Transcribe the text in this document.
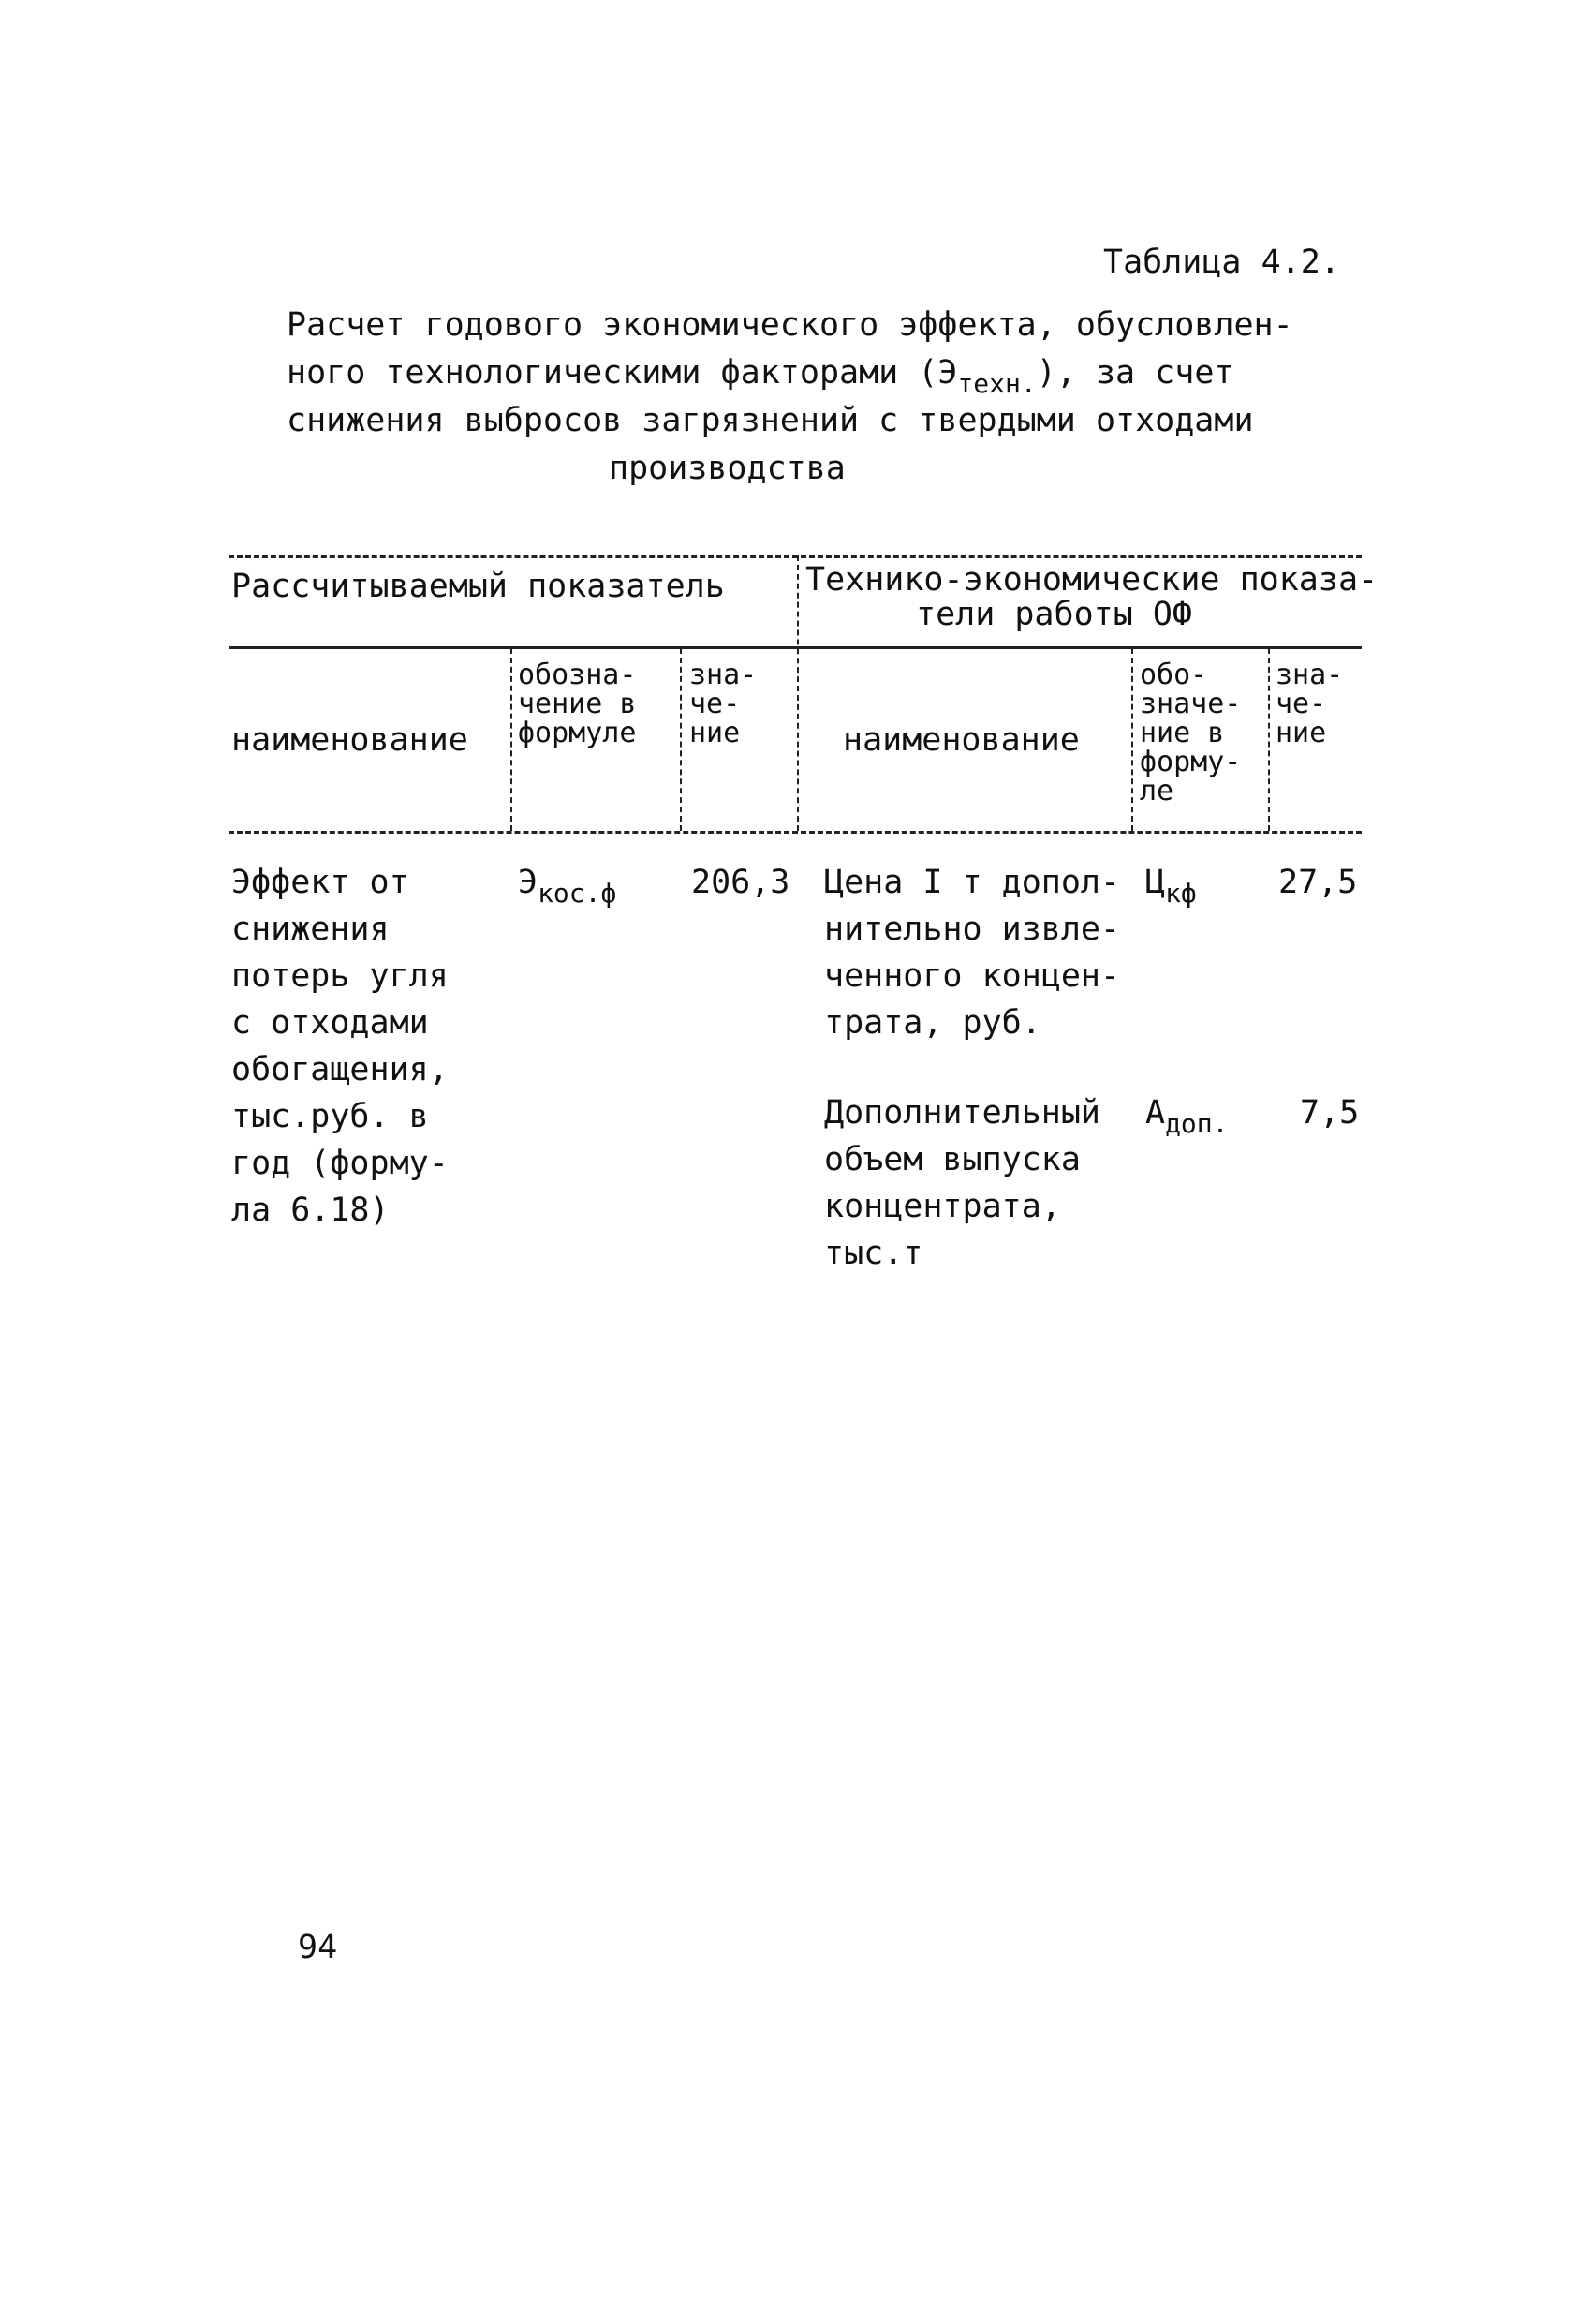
Таблица 4.2.
Расчет годового экономического эффекта, обусловлен-
ного технологическими факторами $(Э_{техн.})$, за счет
снижения выбросов загрязнений с твердыми отходами
производства
Рассчитываемый показатель Технико-экономические показа-
тели работы ОФ
наименование
обозна-
чение в
формуле
зна-
че-
ние	наименование
обо-
значе-
ние в
форму-
ле
зна-
че-
ние
Эффект от
снижения
потерь угля
с отходами
обогащения,
тыс.руб. в
год (форму-
ла 6.18)
$Э_{кос.ф}$ 206,3 Цена I т допол-
нительно извле-
ченного концен-
трата, руб.
$Ц_{кф}$ 27,5
Дополнительный
объем выпуска
концентрата,
тыс.т
$А_{доп.}$ 7,5
94
